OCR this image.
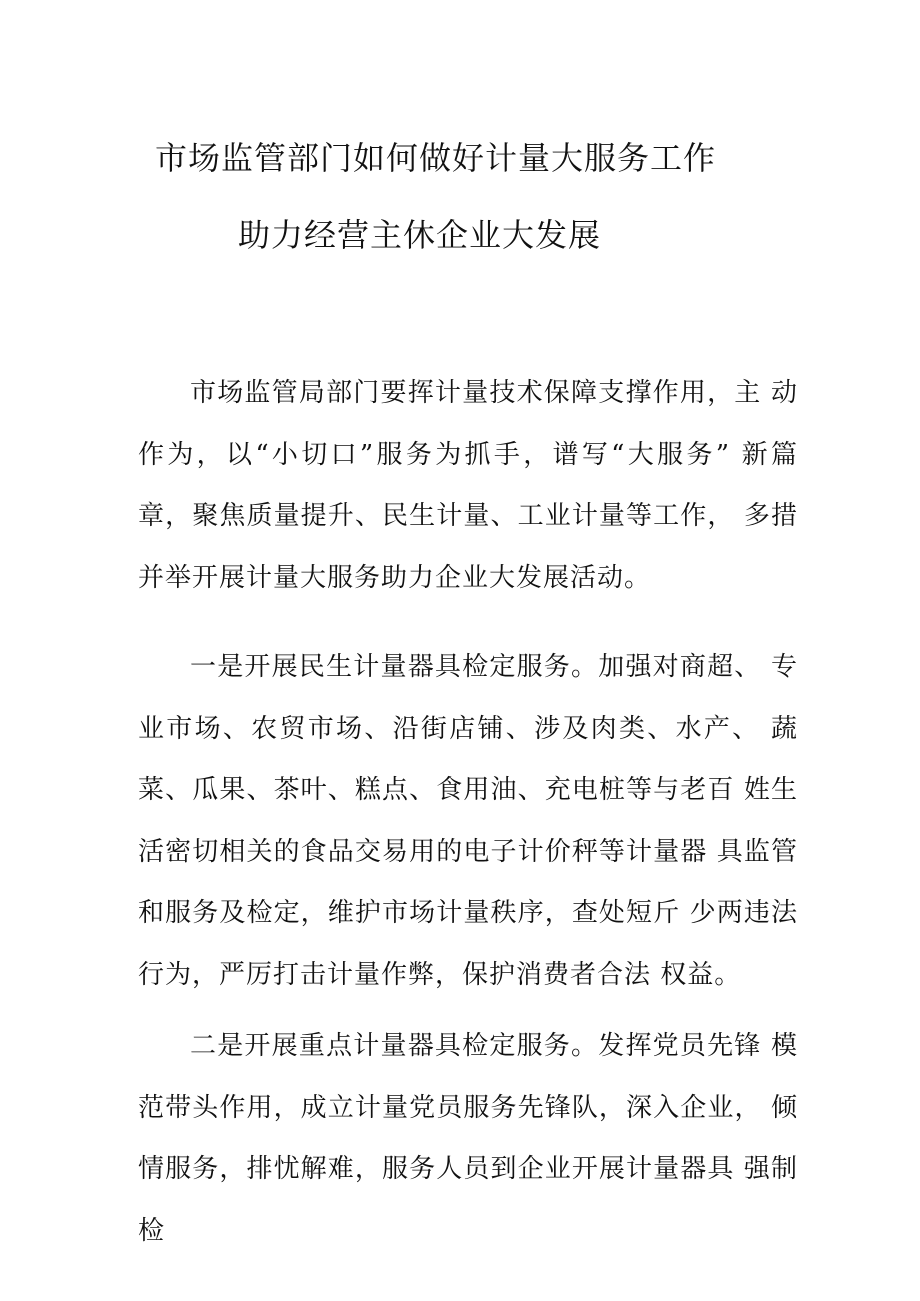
市场监管部门如何做好计量大服务工作
助力经营主休企业大发展

市场监管局部门要挥计量技术保障支撑作用，主 动作为，以“小切口”服务为抓手，谱写“大服务” 新篇章，聚焦质量提升、民生计量、工业计量等工作， 多措并举开展计量大服务助力企业大发展活动。

一是开展民生计量器具检定服务。加强对商超、 专业市场、农贸市场、沿街店铺、涉及肉类、水产、 蔬菜、瓜果、茶叶、糕点、食用油、充电桩等与老百 姓生活密切相关的食品交易用的电子计价秤等计量器 具监管和服务及检定，维护市场计量秩序，查处短斤 少两违法行为，严厉打击计量作弊，保护消费者合法 权益。

二是开展重点计量器具检定服务。发挥党员先锋 模范带头作用，成立计量党员服务先锋队，深入企业， 倾情服务，排忧解难，服务人员到企业开展计量器具 强制检
